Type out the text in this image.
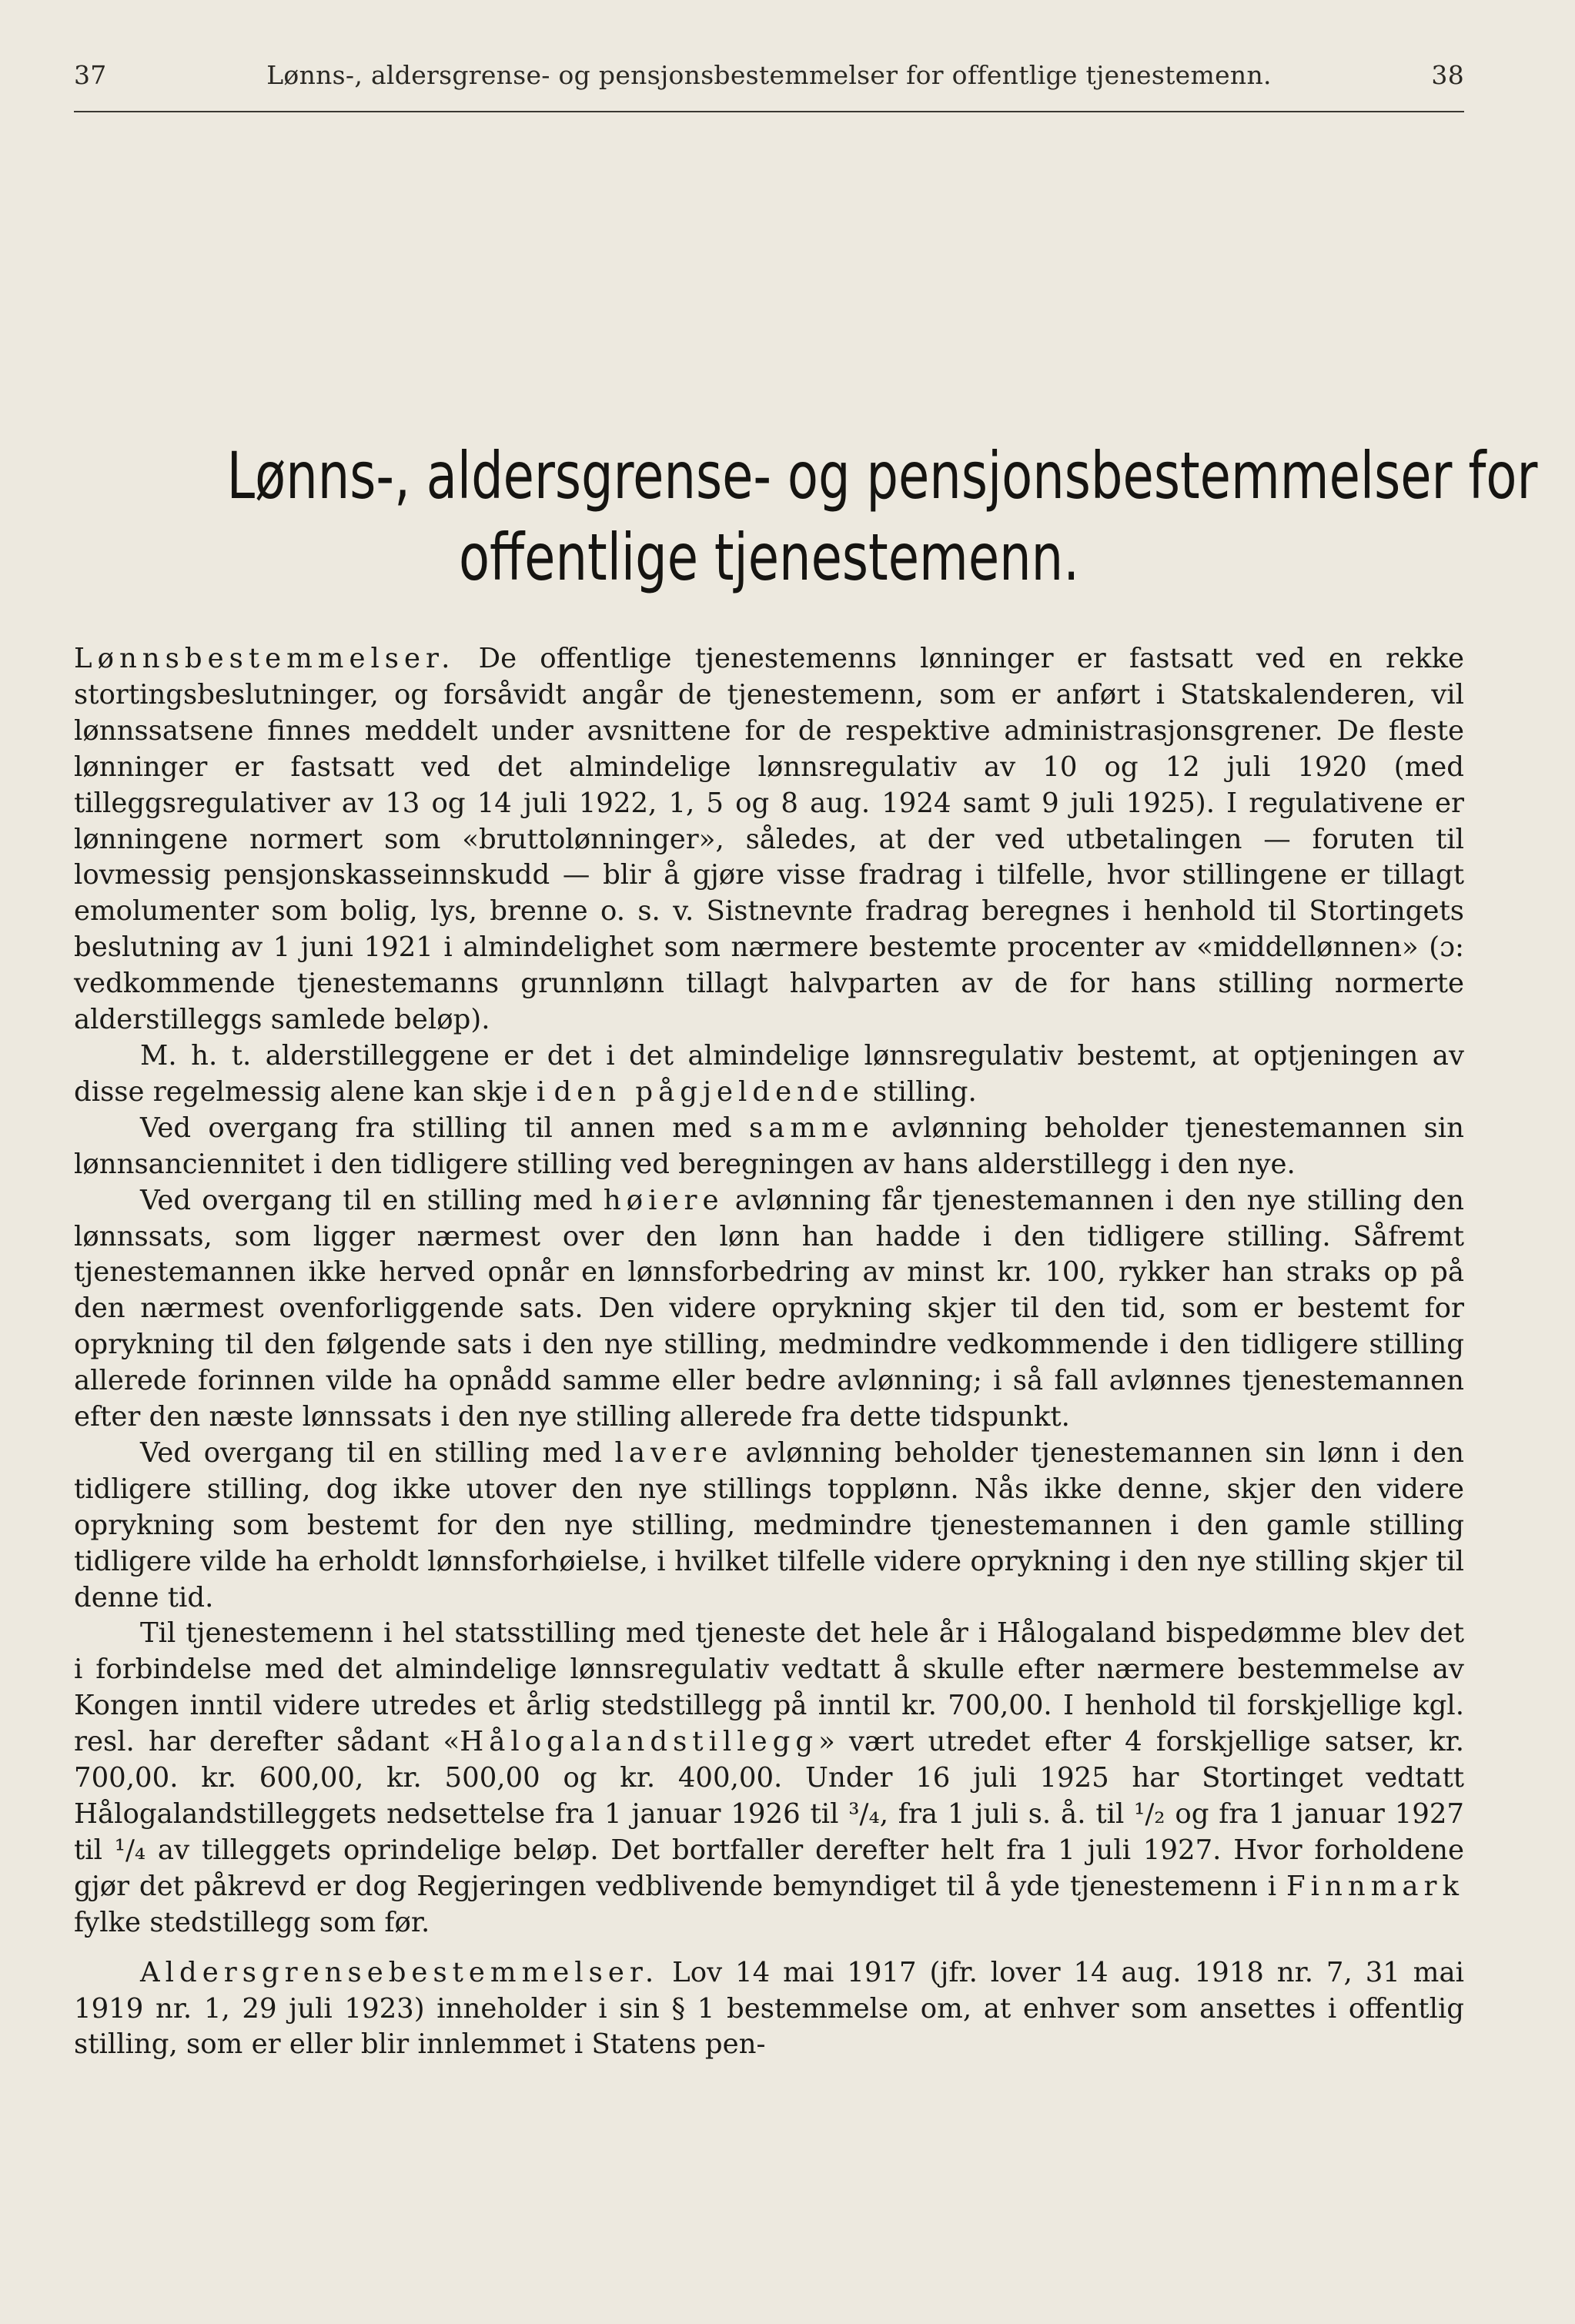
37	Lønns-, aldersgrense- og pensjonsbestemmelser for offentlige tjenestemenn.	38
Lønns-, aldersgrense- og pensjonsbestemmelser for
offentlige tjenestemenn.

Lønnsbestemmelser. De offentlige tjenestemenns lønninger er fastsatt ved en rekke stortingsbeslutninger, og forsåvidt angår de tjenestemenn, som er anført i Statskalenderen, vil lønnssatsene finnes meddelt under avsnittene for de respektive administrasjonsgrener. De fleste lønninger er fastsatt ved det almindelige lønnsregulativ av 10 og 12 juli 1920 (med tilleggsregulativer av 13 og 14 juli 1922, 1, 5 og 8 aug. 1924 samt 9 juli 1925). I regulativene er lønningene normert som «bruttolønninger», således, at der ved utbetalingen — foruten til lovmessig pensjonskasseinnskudd — blir å gjøre visse fradrag i tilfelle, hvor stillingene er tillagt emolumenter som bolig, lys, brenne o. s. v. Sistnevnte fradrag beregnes i henhold til Stortingets beslutning av 1 juni 1921 i almindelighet som nærmere bestemte procenter av «middellønnen» (ɔ: vedkommende tjenestemanns grunnlønn tillagt halvparten av de for hans stilling normerte alderstilleggs samlede beløp).

M. h. t. alderstilleggene er det i det almindelige lønnsregulativ bestemt, at optjeningen av disse regelmessig alene kan skje i den pågjeldende stilling.

Ved overgang fra stilling til annen med samme avlønning beholder tjenestemannen sin lønnsanciennitet i den tidligere stilling ved beregningen av hans alderstillegg i den nye.

Ved overgang til en stilling med høiere avlønning får tjenestemannen i den nye stilling den lønnssats, som ligger nærmest over den lønn han hadde i den tidligere stilling. Såfremt tjenestemannen ikke herved opnår en lønnsforbedring av minst kr. 100, rykker han straks op på den nærmest ovenforliggende sats. Den videre oprykning skjer til den tid, som er bestemt for oprykning til den følgende sats i den nye stilling, medmindre vedkommende i den tidligere stilling allerede forinnen vilde ha opnådd samme eller bedre avlønning; i så fall avlønnes tjenestemannen efter den næste lønnssats i den nye stilling allerede fra dette tidspunkt.

Ved overgang til en stilling med lavere avlønning beholder tjenestemannen sin lønn i den tidligere stilling, dog ikke utover den nye stillings topplønn. Nås ikke denne, skjer den videre oprykning som bestemt for den nye stilling, medmindre tjenestemannen i den gamle stilling tidligere vilde ha erholdt lønnsforhøielse, i hvilket tilfelle videre oprykning i den nye stilling skjer til denne tid.

Til tjenestemenn i hel statsstilling med tjeneste det hele år i Hålogaland bispedømme blev det i forbindelse med det almindelige lønnsregulativ vedtatt å skulle efter nærmere bestemmelse av Kongen inntil videre utredes et årlig stedstillegg på inntil kr. 700,00. I henhold til forskjellige kgl. resl. har derefter sådant «Hålogalandstillegg» vært utredet efter 4 forskjellige satser, kr. 700,00. kr. 600,00, kr. 500,00 og kr. 400,00. Under 16 juli 1925 har Stortinget vedtatt Hålogalandstilleggets nedsettelse fra 1 januar 1926 til ³/₄, fra 1 juli s. å. til ¹/₂ og fra 1 januar 1927 til ¹/₄ av tilleggets oprindelige beløp. Det bortfaller derefter helt fra 1 juli 1927. Hvor forholdene gjør det påkrevd er dog Regjeringen vedblivende bemyndiget til å yde tjenestemenn i Finnmark fylke stedstillegg som før.

Aldersgrensebestemmelser. Lov 14 mai 1917 (jfr. lover 14 aug. 1918 nr. 7, 31 mai 1919 nr. 1, 29 juli 1923) inneholder i sin § 1 bestemmelse om, at enhver som ansettes i offentlig stilling, som er eller blir innlemmet i Statens pen-
